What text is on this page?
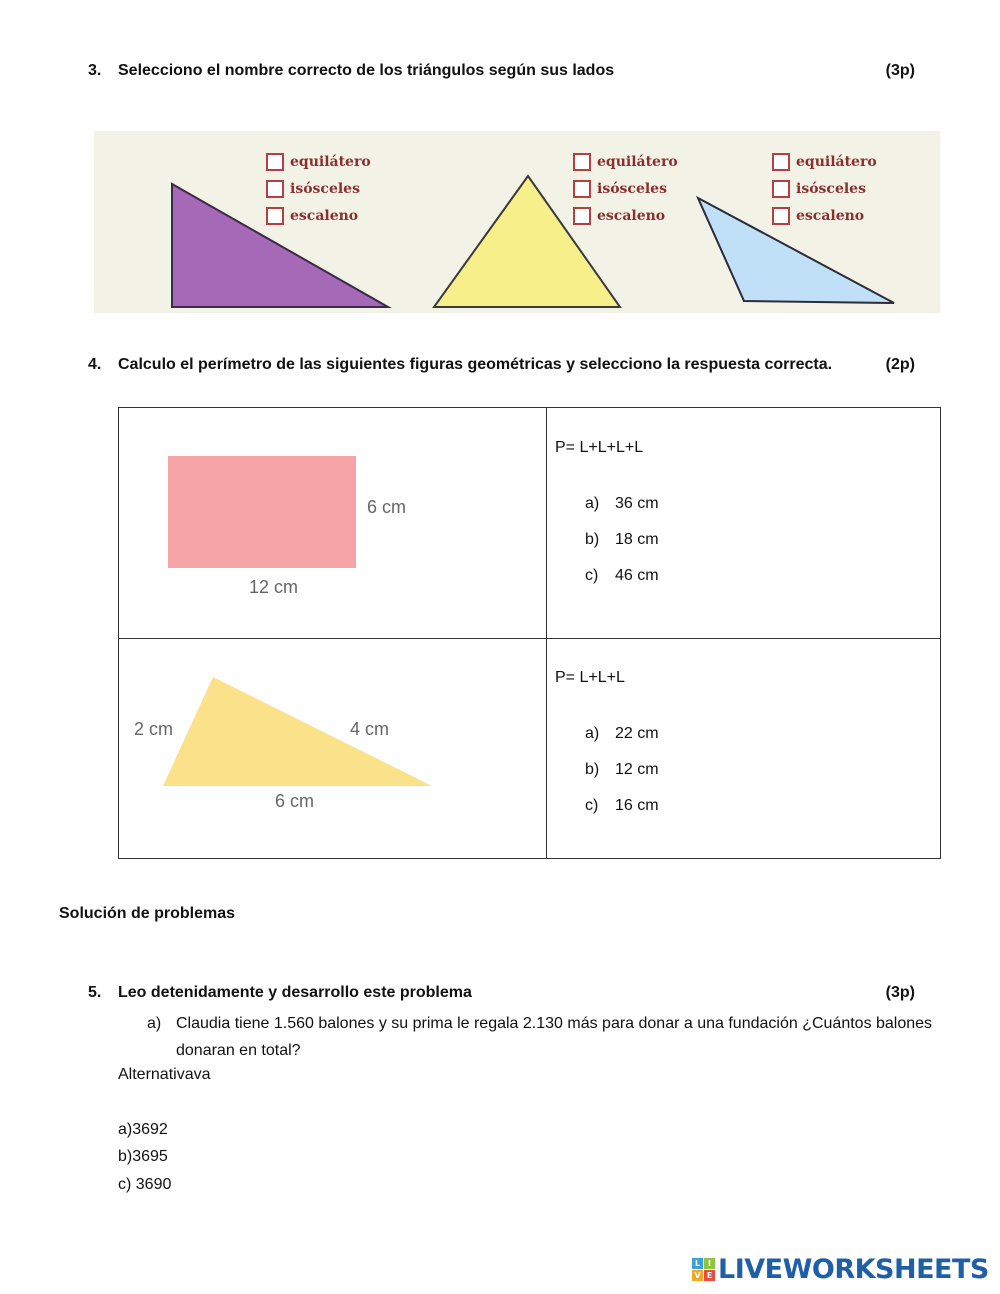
3. Selecciono el nombre correcto de los triángulos según sus lados	(3p)
equilátero
isósceles
escaleno
equilátero
isósceles
escaleno
equilátero
isósceles
escaleno
4. Calculo el perímetro de las siguientes figuras geométricas y selecciono la respuesta correcta.	(2p)
6 cm
12 cm
P= L+L+L+L
a) 36 cm
b) 18 cm
c)	46 cm
2 cm	4 cm
6 cm
P= L+L+L
a) 22 cm
b) 12 cm
c)	16 cm
Solución de problemas
5. Leo detenidamente y desarrollo este problema	(3p)
a) Claudia tiene 1.560 balones y su prima le regala 2.130 más para donar a una fundación ¿Cuántos balones donaran en total?
Alternativava
a)3692
b)3695
c) 3690
L I
V E LIVEWORKSHEETS
